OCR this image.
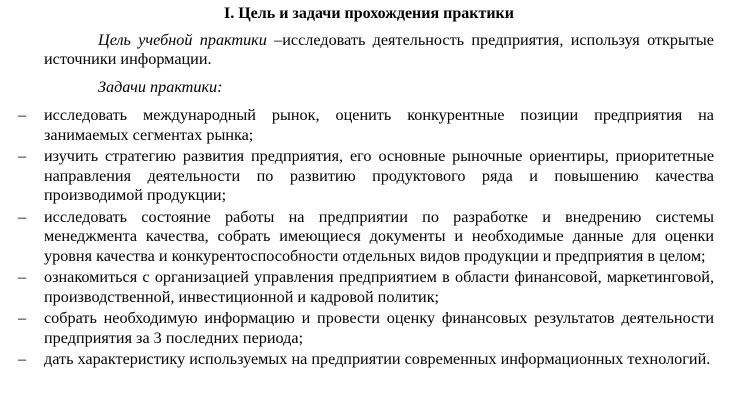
I. Цель и задачи прохождения практики
Цель учебной практики –исследовать деятельность предприятия, используя открытые источники информации.
Задачи практики:
– исследовать международный рынок, оценить конкурентные позиции предприятия на занимаемых сегментах рынка;
– изучить стратегию развития предприятия, его основные рыночные ориентиры, приоритетные направления деятельности по развитию продуктового ряда и повышению качества производимой продукции;
– исследовать состояние работы на предприятии по разработке и внедрению системы менеджмента качества, собрать имеющиеся документы и необходимые данные для оценки уровня качества и конкурентоспособности отдельных видов продукции и предприятия в целом;
– ознакомиться с организацией управления предприятием в области финансовой, маркетинговой, производственной, инвестиционной и кадровой политик;
– собрать необходимую информацию и провести оценку финансовых результатов деятельности предприятия за 3 последних периода;
– дать характеристику используемых на предприятии современных информационных технологий.
